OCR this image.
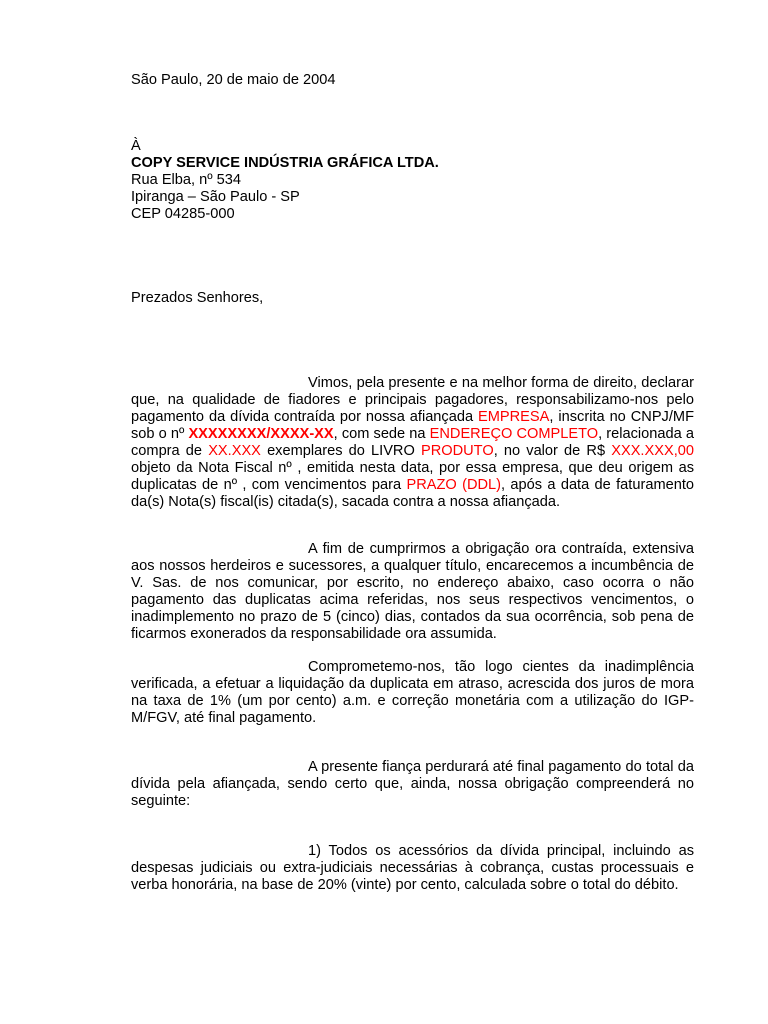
São Paulo, 20 de maio de 2004
À
COPY SERVICE INDÚSTRIA GRÁFICA LTDA.
Rua Elba, nº 534
Ipiranga – São Paulo - SP
CEP 04285-000
Prezados Senhores,
Vimos, pela presente e na melhor forma de direito, declarar que, na qualidade de fiadores e principais pagadores, responsabilizamo-nos pelo pagamento da dívida contraída por nossa afiançada EMPRESA, inscrita no CNPJ/MF sob o nº XXXXXXXX/XXXX-XX, com sede na ENDEREÇO COMPLETO, relacionada a compra de XX.XXX exemplares do LIVRO PRODUTO, no valor de R$ XXX.XXX,00 objeto da Nota Fiscal nº , emitida nesta data, por essa empresa, que deu origem as duplicatas de nº , com vencimentos para PRAZO (DDL), após a data de faturamento da(s) Nota(s) fiscal(is) citada(s), sacada contra a nossa afiançada.
A fim de cumprirmos a obrigação ora contraída, extensiva aos nossos herdeiros e sucessores, a qualquer título, encarecemos a incumbência de V. Sas. de nos comunicar, por escrito, no endereço abaixo, caso ocorra o não pagamento das duplicatas acima referidas, nos seus respectivos vencimentos, o inadimplemento no prazo de 5 (cinco) dias, contados da sua ocorrência, sob pena de ficarmos exonerados da responsabilidade ora assumida.
Comprometemo-nos, tão logo cientes da inadimplência verificada, a efetuar a liquidação da duplicata em atraso, acrescida dos juros de mora na taxa de 1% (um por cento) a.m. e correção monetária com a utilização do IGP-M/FGV, até final pagamento.
A presente fiança perdurará até final pagamento do total da dívida pela afiançada, sendo certo que, ainda, nossa obrigação compreenderá no seguinte:
1) Todos os acessórios da dívida principal, incluindo as despesas judiciais ou extra-judiciais necessárias à cobrança, custas processuais e verba honorária, na base de 20% (vinte) por cento, calculada sobre o total do débito.
